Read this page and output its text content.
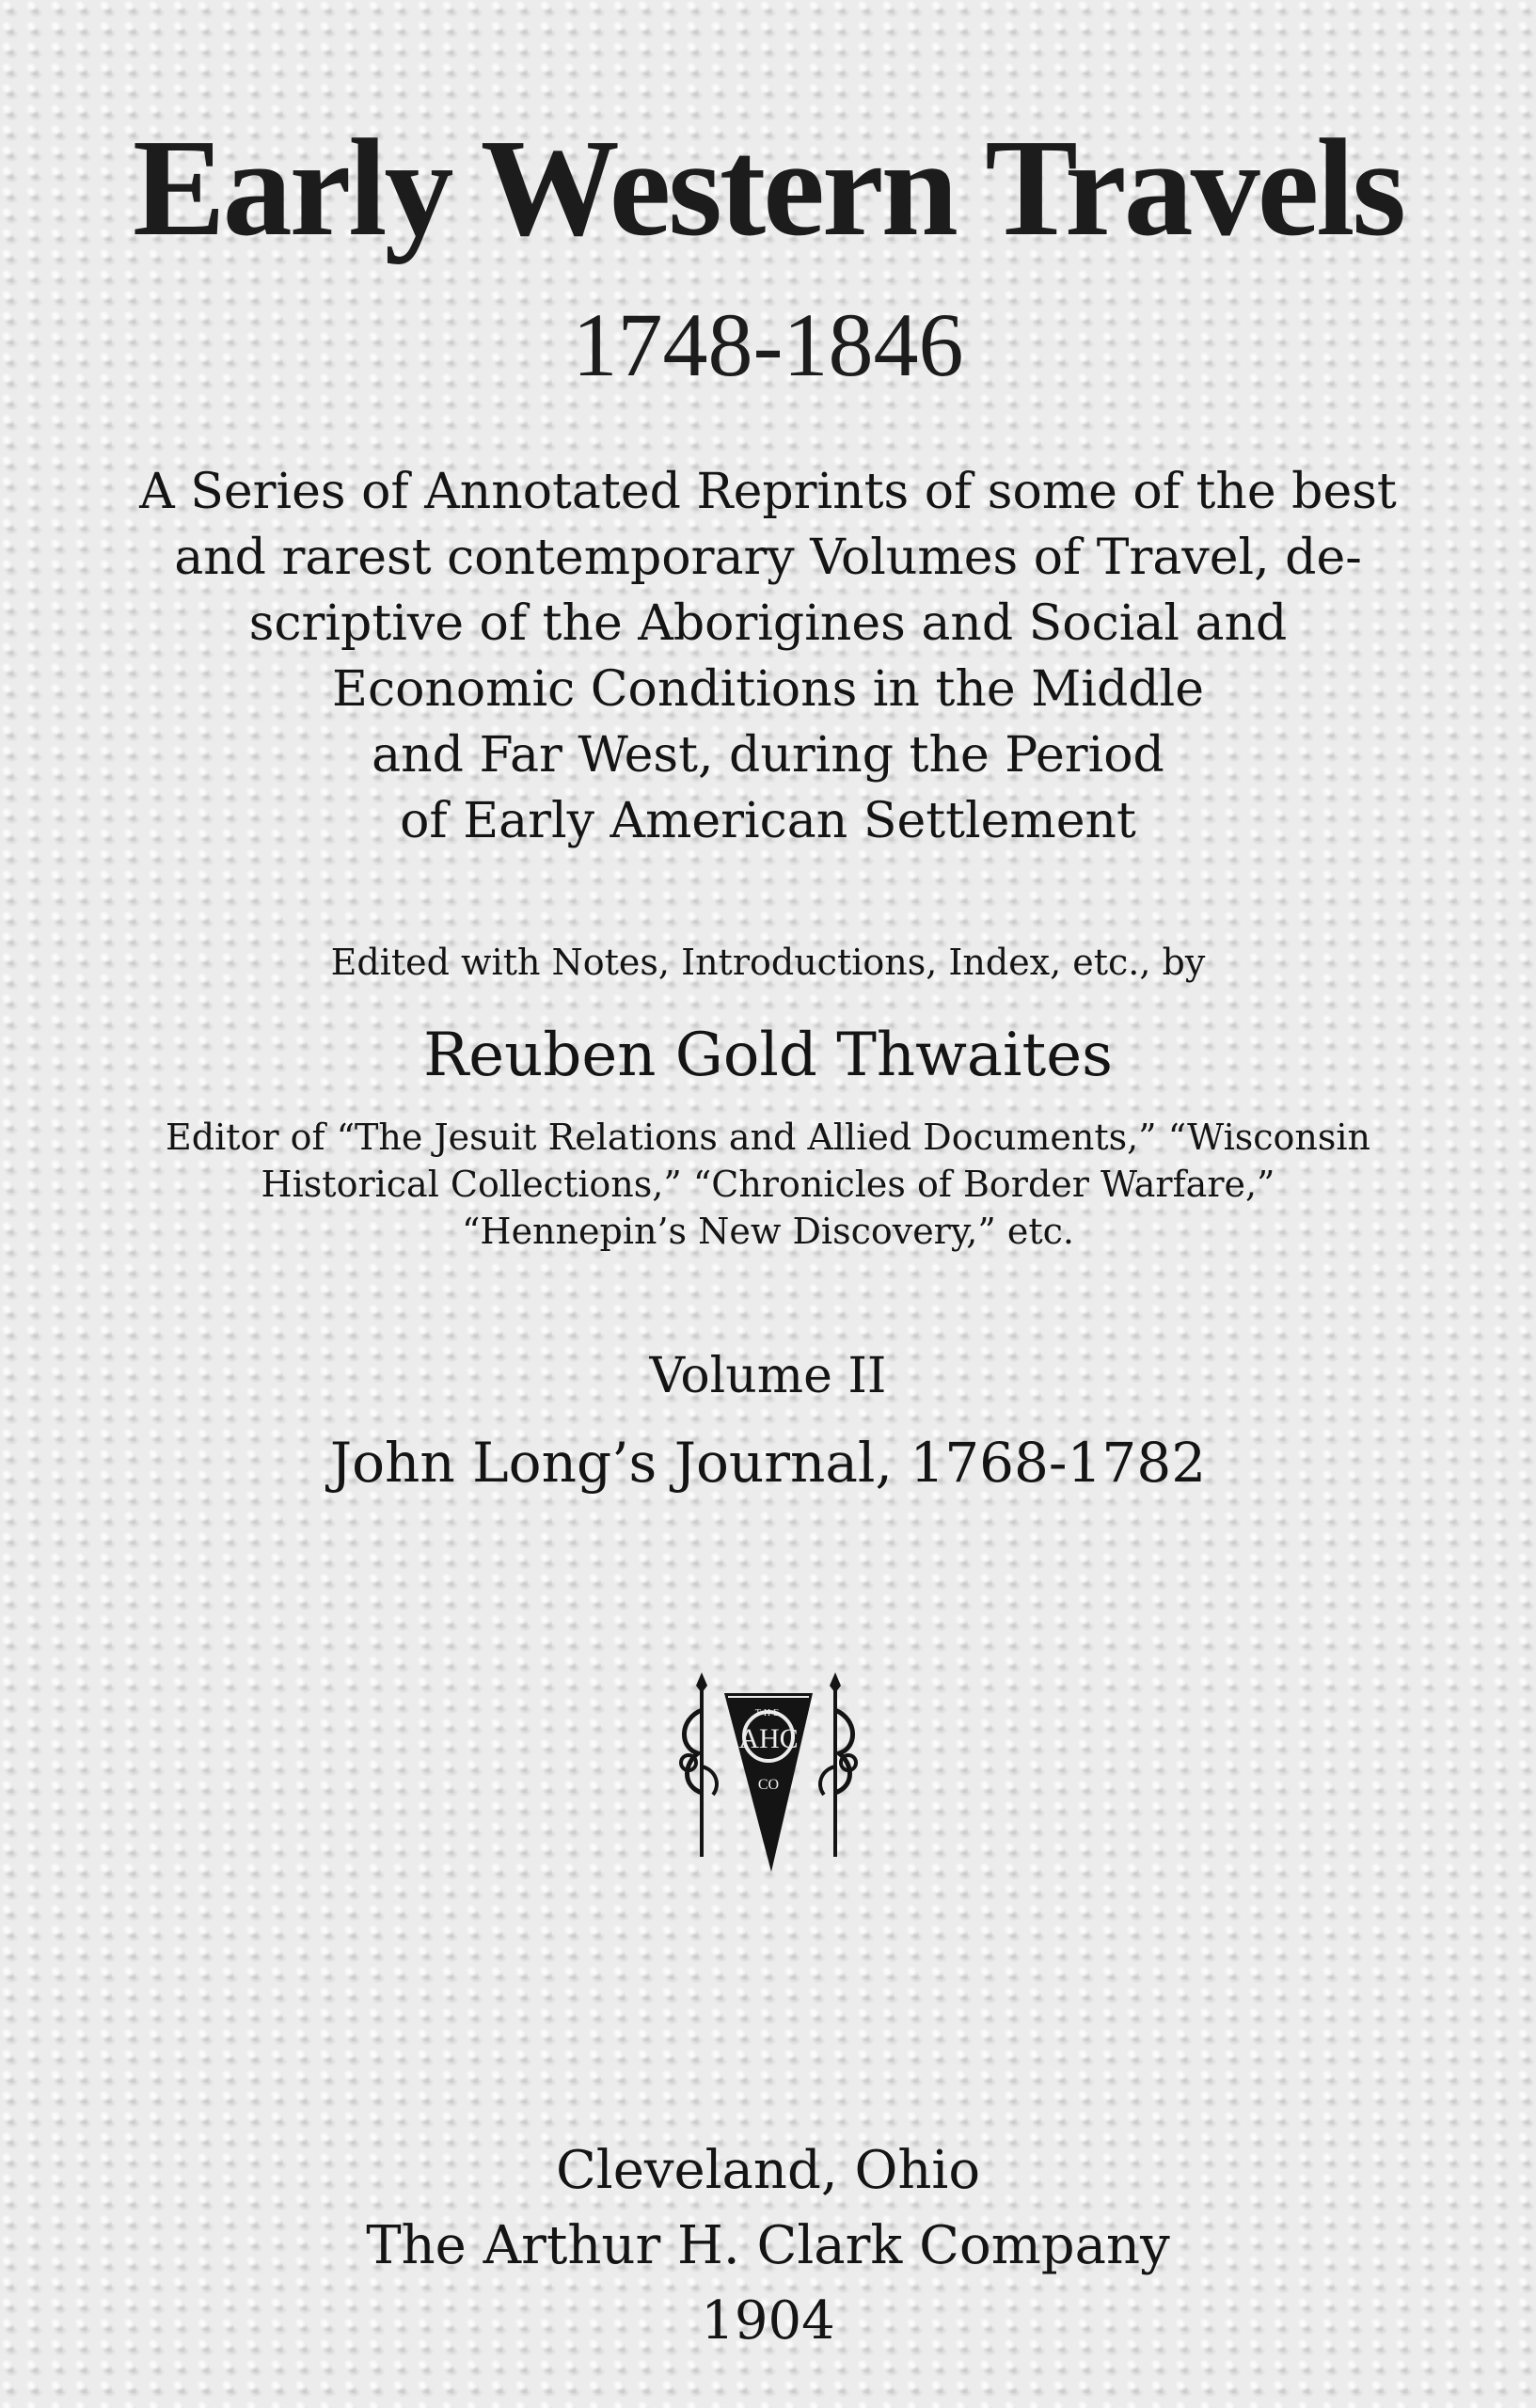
Early Western Travels
1748-1846
A Series of Annotated Reprints of some of the best
and rarest contemporary Volumes of Travel, de-
scriptive of the Aborigines and Social and
Economic Conditions in the Middle
and Far West, during the Period
of Early American Settlement
Edited with Notes, Introductions, Index, etc., by
Reuben Gold Thwaites
Editor of “The Jesuit Relations and Allied Documents,” “Wisconsin
Historical Collections,” “Chronicles of Border Warfare,”
“Hennepin’s New Discovery,” etc.
Volume II
John Long’s Journal, 1768-1782
AHC
THE
CO
Cleveland, Ohio
The Arthur H. Clark Company
1904
